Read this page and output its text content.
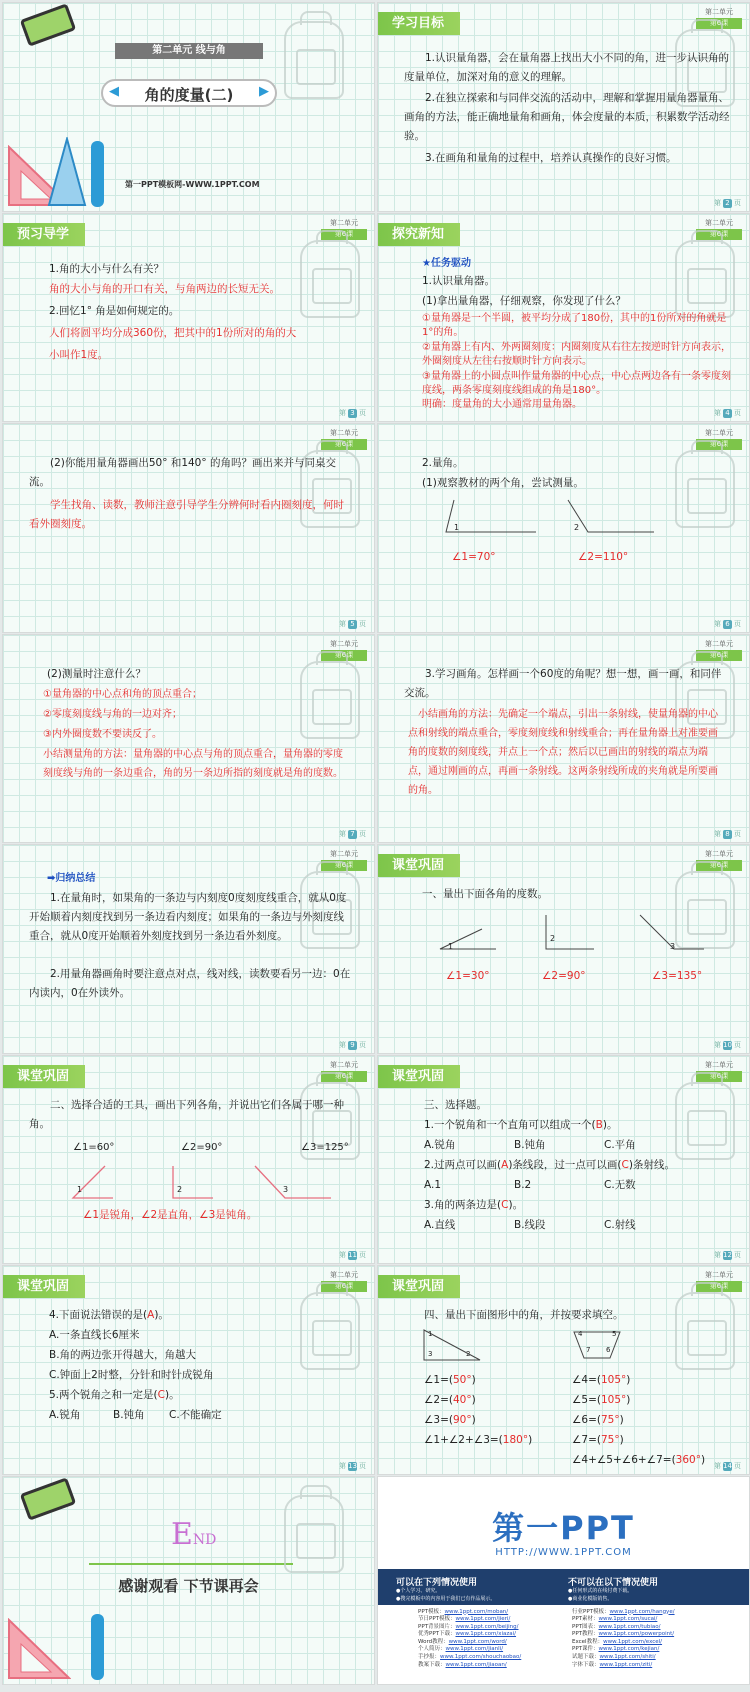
第二单元 线与角
◀	角的度量(二)	▶
第一PPT模板网-WWW.1PPT.COM
学习目标
第二单元
第6课
1.认识量角器，会在量角器上找出大小不同的角，进一步认识角的度量单位，加深对角的意义的理解。
2.在独立探索和与同伴交流的活动中，理解和掌握用量角器量角、画角的方法，能正确地量角和画角，体会度量的本质，积累数学活动经验。
3.在画角和量角的过程中，培养认真操作的良好习惯。
第 2 页
预习导学
第二单元
第6课
1.角的大小与什么有关？
角的大小与角的开口有关，与角两边的长短无关。
2.回忆1° 角是如何规定的。
人们将圆平均分成360份，把其中的1份所对的角的大
小叫作1度。
第 3 页
探究新知
第二单元
第6课
★任务驱动
1.认识量角器。
(1)拿出量角器，仔细观察，你发现了什么？
①量角器是一个半圆，被平均分成了180份，其中的1份所对的角就是1°的角。
②量角器上有内、外两圈刻度：内圈刻度从右往左按逆时针方向表示，外圈刻度从左往右按顺时针方向表示。
③量角器上的小圆点叫作量角器的中心点，中心点两边各有一条零度刻度线，两条零度刻度线组成的角是180°。
明确：度量角的大小通常用量角器。
第 4 页
第二单元
第6课
(2)你能用量角器画出50° 和140° 的角吗？画出来并与同桌交流。
学生找角、读数，教师注意引导学生分辨何时看内圈刻度，何时看外圈刻度。
第 5 页
第二单元
第6课
2.量角。
(1)观察教材的两个角，尝试测量。
1	2
∠1=70°	∠2=110°
第 6 页
第二单元
第6课
(2)测量时注意什么？
①量角器的中心点和角的顶点重合；
②零度刻度线与角的一边对齐；
③内外圈度数不要读反了。
小结测量角的方法：量角器的中心点与角的顶点重合，量角器的零度刻度线与角的一条边重合，角的另一条边所指的刻度就是角的度数。
第 7 页
第二单元
第6课
3.学习画角。怎样画一个60度的角呢？想一想，画一画，和同伴交流。
小结画角的方法：先确定一个端点，引出一条射线，使量角器的中心点和射线的端点重合，零度刻度线和射线重合；再在量角器上对准要画角的度数的刻度线，并点上一个点；然后以已画出的射线的端点为端点，通过刚画的点，再画一条射线。这两条射线所成的夹角就是所要画的角。
第 8 页
第二单元
第6课
➡归纳总结
1.在量角时，如果角的一条边与内刻度0度刻度线重合，就从0度开始顺着内刻度找到另一条边看内刻度；如果角的一条边与外刻度线重合，就从0度开始顺着外刻度找到另一条边看外刻度。
2.用量角器画角时要注意点对点，线对线，读数要看另一边：0在内读内，0在外读外。
第 9 页
课堂巩固
第二单元
第6课
一、量出下面各角的度数。
1
2
3
∠1=30°	∠2=90°	∠3=135°
第 10 页
课堂巩固
第二单元
第6课
二、选择合适的工具，画出下列各角，并说出它们各属于哪一种角。
∠1=60°	∠2=90°	∠3=125°
1	2	3
∠1是锐角，∠2是直角，∠3是钝角。
第 11 页
课堂巩固
第二单元
第6课
三、选择题。
1.一个锐角和一个直角可以组成一个(B)。
A.锐角	B.钝角	C.平角
2.过两点可以画(A)条线段，过一点可以画(C)条射线。
A.1	B.2	C.无数
3.角的两条边是(C)。
A.直线	B.线段	C.射线
第 12 页
课堂巩固
第二单元
第6课
4.下面说法错误的是(A)。
A.一条直线长6厘米
B.角的两边张开得越大，角越大
C.钟面上2时整，分针和时针成锐角
5.两个锐角之和一定是(C)。
A.锐角	B.钝角 C.不能确定
第 13 页
课堂巩固
第二单元
第6课
四、量出下面图形中的角，并按要求填空。
1
2
3
4	5
6
7
∠1=(50°)
∠2=(40°)
∠3=(90°)
∠1+∠2+∠3=(180°)
∠4=(105°)
∠5=(105°)
∠6=(75°)
∠7=(75°)
∠4+∠5+∠6+∠7=(360°) 第 14 页
END
感谢观看 下节课再会
第一PPT
HTTP://WWW.1PPT.COM
可以在下列情况使用
●个人学习、研究。
●搜完模板中的内容用于我们已有作品展示。
不可以在以下情况使用
●任何形式的在线付费下载。
●商业化模版销售。
PPT模板：www.1ppt.com/moban/
节日PPT模板：www.1ppt.com/jieri/
PPT背景图片：www.1ppt.com/beijing/
优秀PPT下载：www.1ppt.com/xiazai/
Word教程：www.1ppt.com/word/
个人简历：www.1ppt.com/jianli/
手抄报：www.1ppt.com/shouchaobao/
教案下载：www.1ppt.com/jiaoan/
行业PPT模板：www.1ppt.com/hangye/
PPT素材：www.1ppt.com/sucai/
PPT图表：www.1ppt.com/tubiao/
PPT教程：www.1ppt.com/powerpoint/
Excel教程：www.1ppt.com/excel/
PPT课件：www.1ppt.com/kejian/
试题下载：www.1ppt.com/shiti/
字体下载：www.1ppt.com/ziti/
